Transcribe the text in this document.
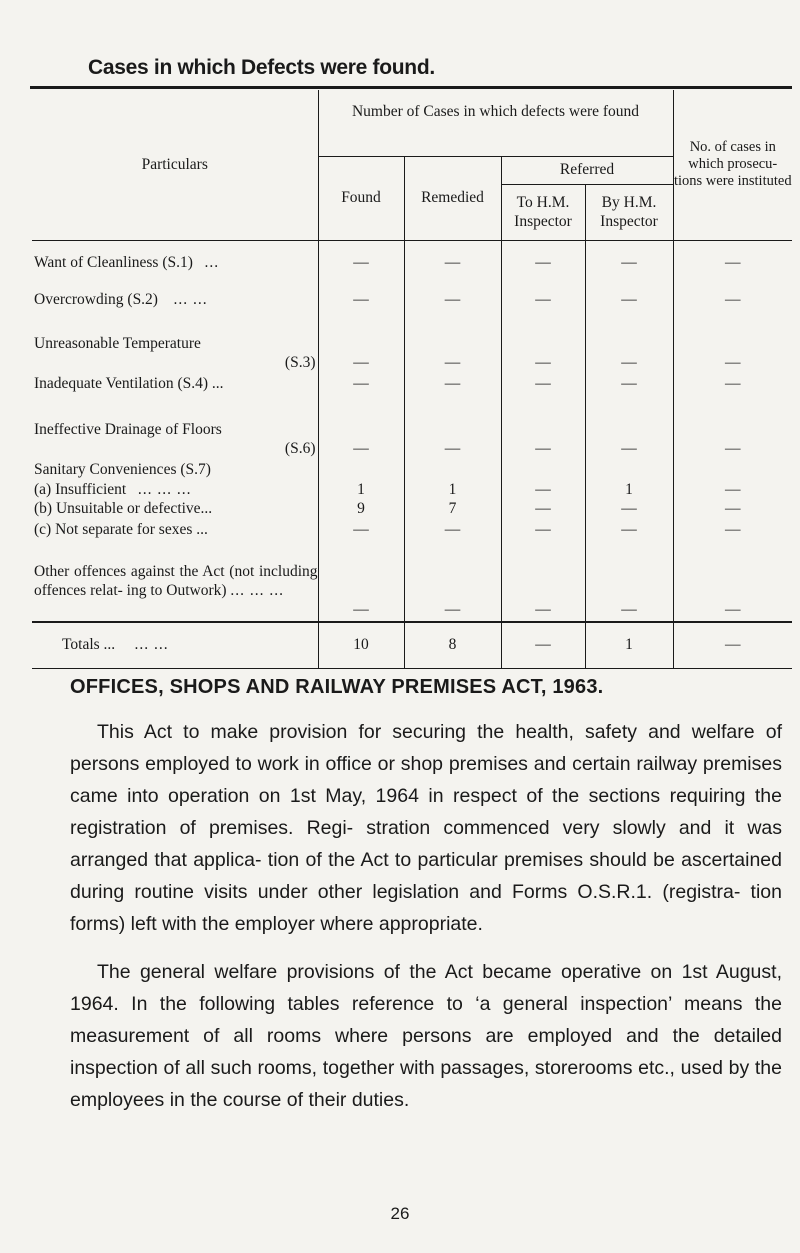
Cases in which Defects were found.
Particulars	Number of Cases in which defects were found				No. of cases in which prosecu- tions were instituted
	Found	Remedied	Referred		
			To H.M. Inspector	By H.M. Inspector	
Want of Cleanliness (S.1) ...	—	—	—	—	—
Overcrowding (S.2) ... ...	—	—	—	—	—
Unreasonable Temperature
(S.3)	—	—	—	—	—
Inadequate Ventilation (S.4) ...	—	—	—	—	—
Ineffective Drainage of Floors
(S.6)	—	—	—	—	—
Sanitary Conveniences (S.7)					
(a) Insufficient ... ... ...	1	1	—	1	—
(b) Unsuitable or defective...	9	7	—	—	—
(c) Not separate for sexes ...	—	—	—	—	—
Other offences against the Act (not including offences relat- ing to Outwork) ... ... ...	—	—	—	—	—
Totals ... ... ...	10	8	—	1	—
OFFICES, SHOPS AND RAILWAY PREMISES ACT, 1963.

This Act to make provision for securing the health, safety and welfare of persons employed to work in office or shop premises and certain railway premises came into operation on 1st May, 1964 in respect of the sections requiring the registration of premises. Regi- stration commenced very slowly and it was arranged that applica- tion of the Act to particular premises should be ascertained during routine visits under other legislation and Forms O.S.R.1. (registra- tion forms) left with the employer where appropriate.

The general welfare provisions of the Act became operative on 1st August, 1964. In the following tables reference to ‘a general inspection’ means the measurement of all rooms where persons are employed and the detailed inspection of all such rooms, together with passages, storerooms etc., used by the employees in the course of their duties.

26
